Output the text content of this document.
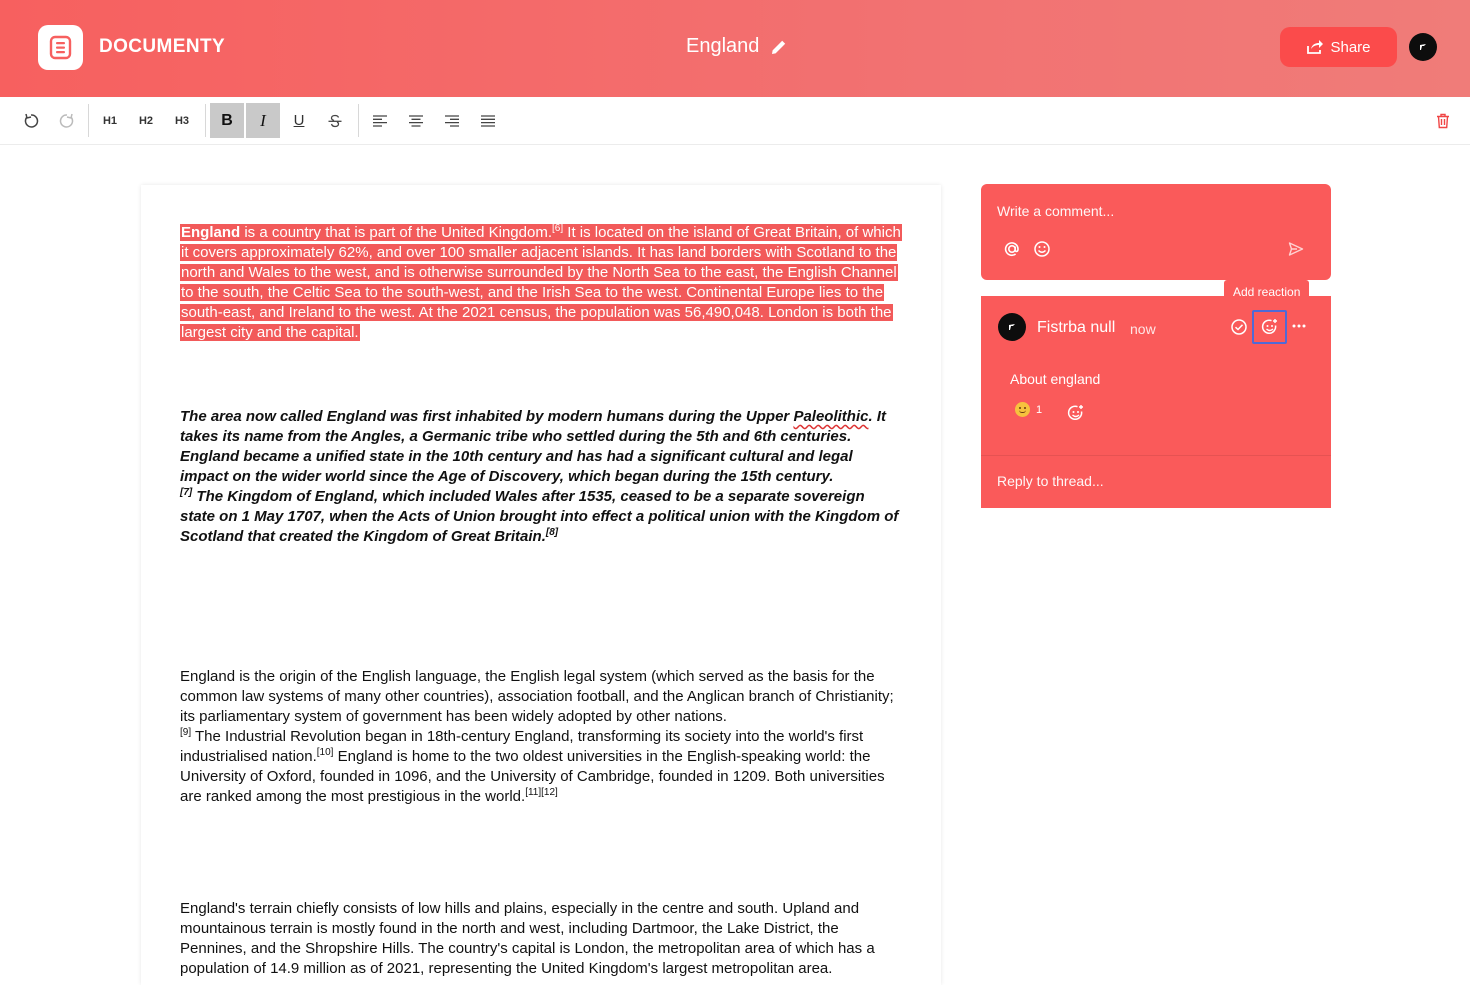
DOCUMENTY	England	Share
H1	H2	H3	B	I	U
England is a country that is part of the United Kingdom.[6] It is located on the island of Great Britain, of which it covers approximately 62%, and over 100 smaller adjacent islands. It has land borders with Scotland to the north and Wales to the west, and is otherwise surrounded by the North Sea to the east, the English Channel to the south, the Celtic Sea to the south-west, and the Irish Sea to the west. Continental Europe lies to the south-east, and Ireland to the west. At the 2021 census, the population was 56,490,048. London is both the largest city and the capital.
The area now called England was first inhabited by modern humans during the Upper Paleolithic. It takes its name from the Angles, a Germanic tribe who settled during the 5th and 6th centuries. England became a unified state in the 10th century and has had a significant cultural and legal impact on the wider world since the Age of Discovery, which began during the 15th century.
[7] The Kingdom of England, which included Wales after 1535, ceased to be a separate sovereign state on 1 May 1707, when the Acts of Union brought into effect a political union with the Kingdom of Scotland that created the Kingdom of Great Britain.[8]
England is the origin of the English language, the English legal system (which served as the basis for the common law systems of many other countries), association football, and the Anglican branch of Christianity; its parliamentary system of government has been widely adopted by other nations.
[9] The Industrial Revolution began in 18th-century England, transforming its society into the world's first industrialised nation.[10] England is home to the two oldest universities in the English-speaking world: the University of Oxford, founded in 1096, and the University of Cambridge, founded in 1209. Both universities are ranked among the most prestigious in the world.[11][12]
England's terrain chiefly consists of low hills and plains, especially in the centre and south. Upland and mountainous terrain is mostly found in the north and west, including Dartmoor, the Lake District, the Pennines, and the Shropshire Hills. The country's capital is London, the metropolitan area of which has a population of 14.9 million as of 2021, representing the United Kingdom's largest metropolitan area.
Write a comment...
Fistrba null now
About england
1
Reply to thread...
Add reaction
